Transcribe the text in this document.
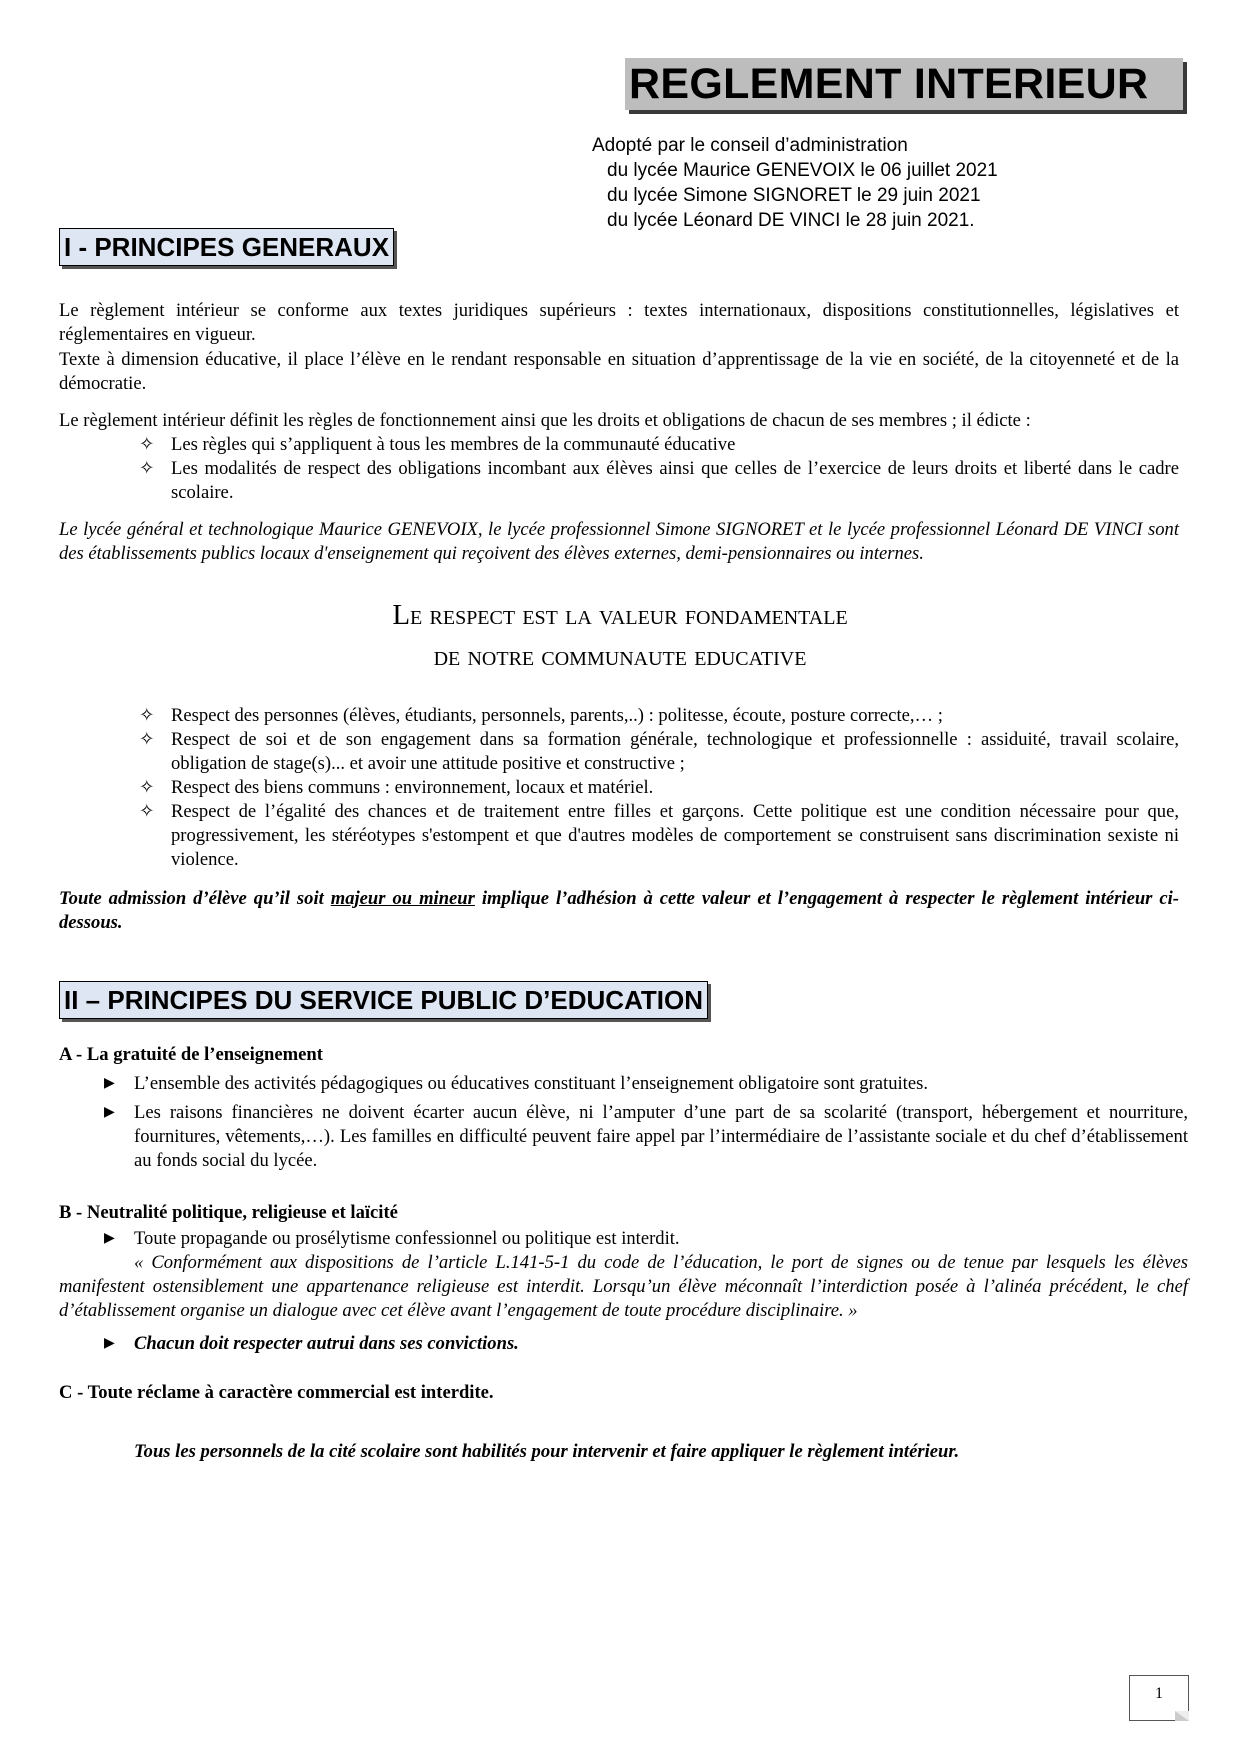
REGLEMENT INTERIEUR
Adopté par le conseil d’administration
du lycée Maurice GENEVOIX le 06 juillet 2021
du lycée Simone SIGNORET le 29 juin 2021
du lycée Léonard DE VINCI le 28 juin 2021.
I - PRINCIPES GENERAUX
Le règlement intérieur se conforme aux textes juridiques supérieurs : textes internationaux, dispositions constitutionnelles, législatives et réglementaires en vigueur.
Texte à dimension éducative, il place l’élève en le rendant responsable en situation d’apprentissage de la vie en société, de la citoyenneté et de la démocratie.
Le règlement intérieur définit les règles de fonctionnement ainsi que les droits et obligations de chacun de ses membres ; il édicte :
✧ Les règles qui s’appliquent à tous les membres de la communauté éducative
✧ Les modalités de respect des obligations incombant aux élèves ainsi que celles de l’exercice de leurs droits et liberté dans le cadre scolaire.
Le lycée général et technologique Maurice GENEVOIX, le lycée professionnel Simone SIGNORET et le lycée professionnel Léonard DE VINCI sont des établissements publics locaux d'enseignement qui reçoivent des élèves externes, demi-pensionnaires ou internes.
Le respect est la valeur fondamentale
de notre communaute educative
✧ Respect des personnes (élèves, étudiants, personnels, parents,..) : politesse, écoute, posture correcte,… ;
✧ Respect de soi et de son engagement dans sa formation générale, technologique et professionnelle : assiduité, travail scolaire, obligation de stage(s)... et avoir une attitude positive et constructive ;
✧ Respect des biens communs : environnement, locaux et matériel.
✧ Respect de l’égalité des chances et de traitement entre filles et garçons. Cette politique est une condition nécessaire pour que, progressivement, les stéréotypes s'estompent et que d'autres modèles de comportement se construisent sans discrimination sexiste ni violence.
Toute admission d’élève qu’il soit majeur ou mineur implique l’adhésion à cette valeur et l’engagement à respecter le règlement intérieur ci-dessous.
II – PRINCIPES DU SERVICE PUBLIC D’EDUCATION
A - La gratuité de l’enseignement
▶ L’ensemble des activités pédagogiques ou éducatives constituant l’enseignement obligatoire sont gratuites.
▶ Les raisons financières ne doivent écarter aucun élève, ni l’amputer d’une part de sa scolarité (transport, hébergement et nourriture, fournitures, vêtements,…). Les familles en difficulté peuvent faire appel par l’intermédiaire de l’assistante sociale et du chef d’établissement au fonds social du lycée.
B - Neutralité politique, religieuse et laïcité
▶ Toute propagande ou prosélytisme confessionnel ou politique est interdit.
« Conformément aux dispositions de l’article L.141-5-1 du code de l’éducation, le port de signes ou de tenue par lesquels les élèves manifestent ostensiblement une appartenance religieuse est interdit. Lorsqu’un élève méconnaît l’interdiction posée à l’alinéa précédent, le chef d’établissement organise un dialogue avec cet élève avant l’engagement de toute procédure disciplinaire. »
▶ Chacun doit respecter autrui dans ses convictions.
C - Toute réclame à caractère commercial est interdite.
Tous les personnels de la cité scolaire sont habilités pour intervenir et faire appliquer le règlement intérieur.
1
